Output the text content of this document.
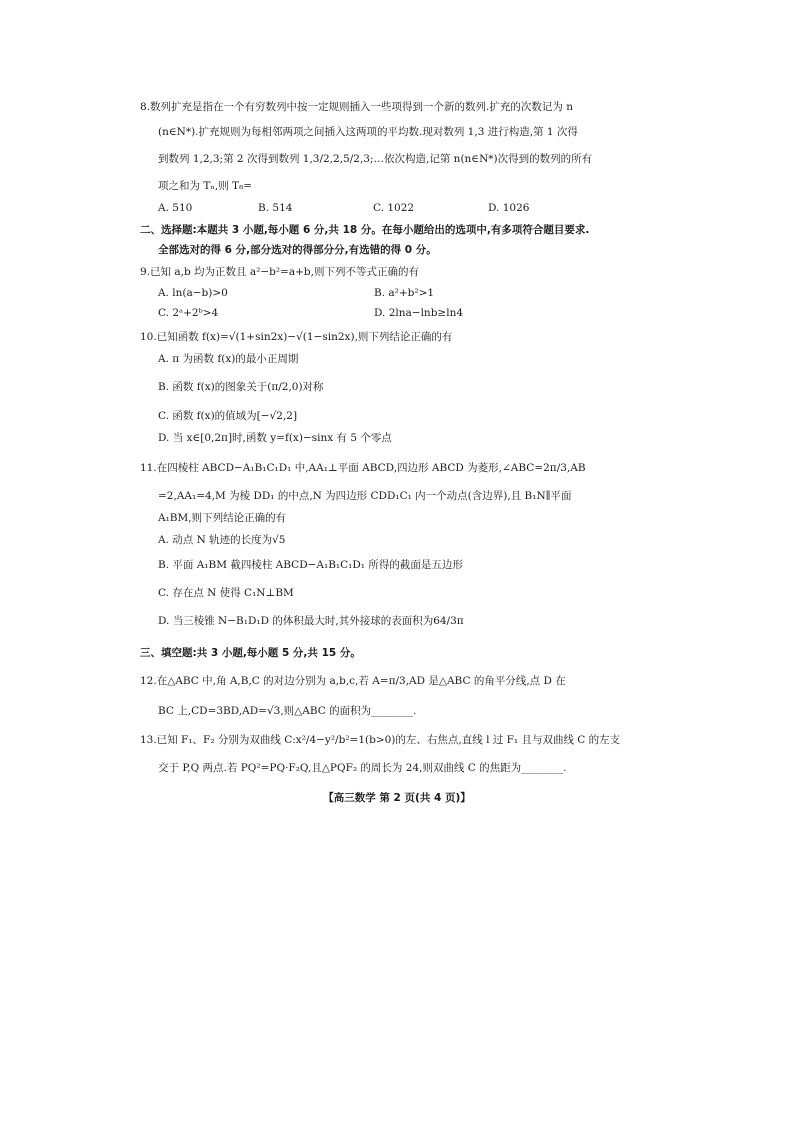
8.数列扩充是指在一个有穷数列中按一定规则插入一些项得到一个新的数列.扩充的次数记为 n
(n∈N*).扩充规则为每相邻两项之间插入这两项的平均数.现对数列 1,3 进行构造,第 1 次得
到数列 1,2,3;第 2 次得到数列 1,3/2,2,5/2,3;…依次构造,记第 n(n∈N*)次得到的数列的所有
项之和为 Tₙ,则 T₈=
A. 510	B. 514	C. 1022	D. 1026
二、选择题:本题共 3 小题,每小题 6 分,共 18 分。在每小题给出的选项中,有多项符合题目要求.
全部选对的得 6 分,部分选对的得部分分,有选错的得 0 分。
9.已知 a,b 均为正数且 a²−b²=a+b,则下列不等式正确的有
A. ln(a−b)>0	B. a²+b²>1
C. 2ᵃ+2ᵇ>4	D. 2lna−lnb≥ln4
10.已知函数 f(x)=√(1+sin2x)−√(1−sin2x),则下列结论正确的有
A. π 为函数 f(x)的最小正周期
B. 函数 f(x)的图象关于(π/2,0)对称
C. 函数 f(x)的值域为[−√2,2]
D. 当 x∈[0,2π]时,函数 y=f(x)−sinx 有 5 个零点
11.在四棱柱 ABCD−A₁B₁C₁D₁ 中,AA₁⊥平面 ABCD,四边形 ABCD 为菱形,∠ABC=2π/3,AB
=2,AA₁=4,M 为棱 DD₁ 的中点,N 为四边形 CDD₁C₁ 内一个动点(含边界),且 B₁N∥平面
A₁BM,则下列结论正确的有
A. 动点 N 轨迹的长度为√5
B. 平面 A₁BM 截四棱柱 ABCD−A₁B₁C₁D₁ 所得的截面是五边形
C. 存在点 N 使得 C₁N⊥BM
D. 当三棱锥 N−B₁D₁D 的体积最大时,其外接球的表面积为64/3π
三、填空题:共 3 小题,每小题 5 分,共 15 分。
12.在△ABC 中,角 A,B,C 的对边分别为 a,b,c,若 A=π/3,AD 是△ABC 的角平分线,点 D 在
BC 上,CD=3BD,AD=√3,则△ABC 的面积为________.
13.已知 F₁、F₂ 分别为双曲线 C:x²/4−y²/b²=1(b>0)的左、右焦点,直线 l 过 F₁ 且与双曲线 C 的左支
交于 P,Q 两点.若 PQ²=PQ·F₂Q,且△PQF₂ 的周长为 24,则双曲线 C 的焦距为________.
【高三数学 第 2 页(共 4 页)】
